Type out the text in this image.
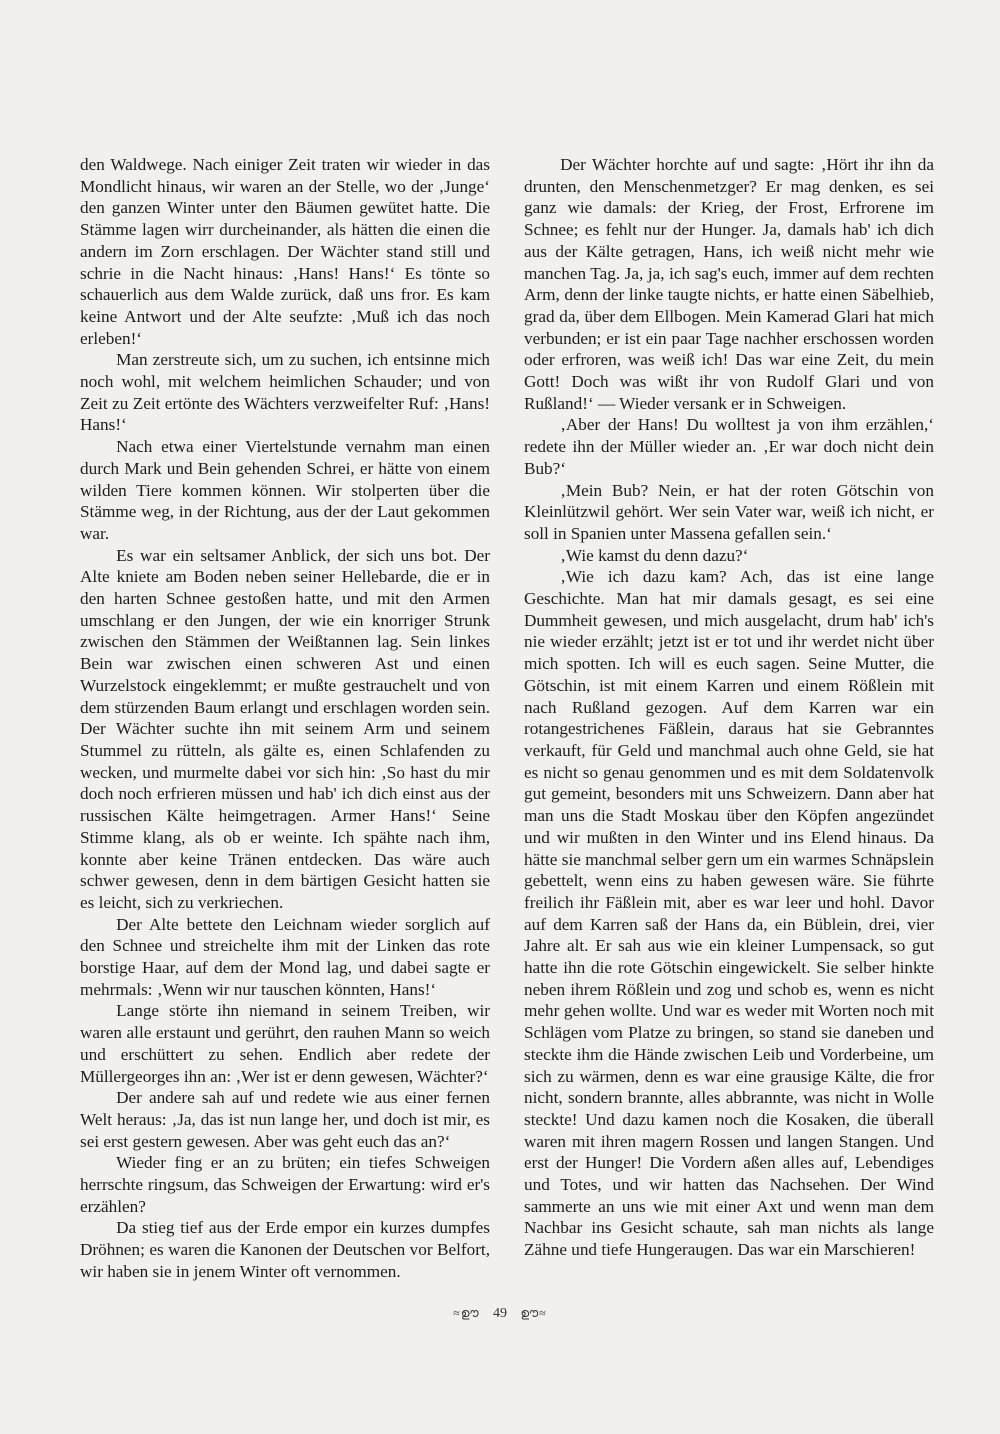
den Waldwege. Nach einiger Zeit traten wir wieder in das Mondlicht hinaus, wir waren an der Stelle, wo der ‚Junge‘ den ganzen Winter unter den Bäumen gewütet hatte. Die Stämme lagen wirr durcheinander, als hätten die einen die andern im Zorn erschlagen. Der Wächter stand still und schrie in die Nacht hinaus: ‚Hans! Hans!‘ Es tönte so schauerlich aus dem Walde zurück, daß uns fror. Es kam keine Antwort und der Alte seufzte: ‚Muß ich das noch erleben!‘

Man zerstreute sich, um zu suchen, ich entsinne mich noch wohl, mit welchem heimlichen Schauder; und von Zeit zu Zeit ertönte des Wächters verzweifelter Ruf: ‚Hans! Hans!‘

Nach etwa einer Viertelstunde vernahm man einen durch Mark und Bein gehenden Schrei, er hätte von einem wilden Tiere kommen können. Wir stolperten über die Stämme weg, in der Richtung, aus der der Laut gekommen war.

Es war ein seltsamer Anblick, der sich uns bot. Der Alte kniete am Boden neben seiner Hellebarde, die er in den harten Schnee gestoßen hatte, und mit den Armen umschlang er den Jungen, der wie ein knorriger Strunk zwischen den Stämmen der Weißtannen lag. Sein linkes Bein war zwischen einen schweren Ast und einen Wurzelstock eingeklemmt; er mußte gestrauchelt und von dem stürzenden Baum erlangt und erschlagen worden sein. Der Wächter suchte ihn mit seinem Arm und seinem Stummel zu rütteln, als gälte es, einen Schlafenden zu wecken, und murmelte dabei vor sich hin: ‚So hast du mir doch noch erfrieren müssen und hab' ich dich einst aus der russischen Kälte heimgetragen. Armer Hans!‘ Seine Stimme klang, als ob er weinte. Ich spähte nach ihm, konnte aber keine Tränen entdecken. Das wäre auch schwer gewesen, denn in dem bärtigen Gesicht hatten sie es leicht, sich zu verkriechen.

Der Alte bettete den Leichnam wieder sorglich auf den Schnee und streichelte ihm mit der Linken das rote borstige Haar, auf dem der Mond lag, und dabei sagte er mehrmals: ‚Wenn wir nur tauschen könnten, Hans!‘

Lange störte ihn niemand in seinem Treiben, wir waren alle erstaunt und gerührt, den rauhen Mann so weich und erschüttert zu sehen. Endlich aber redete der Müllergeorges ihn an: ‚Wer ist er denn gewesen, Wächter?‘

Der andere sah auf und redete wie aus einer fernen Welt heraus: ‚Ja, das ist nun lange her, und doch ist mir, es sei erst gestern gewesen. Aber was geht euch das an?‘

Wieder fing er an zu brüten; ein tiefes Schweigen herrschte ringsum, das Schweigen der Erwartung: wird er's erzählen?

Da stieg tief aus der Erde empor ein kurzes dumpfes Dröhnen; es waren die Kanonen der Deutschen vor Belfort, wir haben sie in jenem Winter oft vernommen.

Der Wächter horchte auf und sagte: ‚Hört ihr ihn da drunten, den Menschenmetzger? Er mag denken, es sei ganz wie damals: der Krieg, der Frost, Erfrorene im Schnee; es fehlt nur der Hunger. Ja, damals hab' ich dich aus der Kälte getragen, Hans, ich weiß nicht mehr wie manchen Tag. Ja, ja, ich sag's euch, immer auf dem rechten Arm, denn der linke taugte nichts, er hatte einen Säbelhieb, grad da, über dem Ellbogen. Mein Kamerad Glari hat mich verbunden; er ist ein paar Tage nachher erschossen worden oder erfroren, was weiß ich! Das war eine Zeit, du mein Gott! Doch was wißt ihr von Rudolf Glari und von Rußland!‘ — Wieder versank er in Schweigen.

‚Aber der Hans! Du wolltest ja von ihm erzählen,‘ redete ihn der Müller wieder an. ‚Er war doch nicht dein Bub?‘

‚Mein Bub? Nein, er hat der roten Götschin von Kleinlützwil gehört. Wer sein Vater war, weiß ich nicht, er soll in Spanien unter Massena gefallen sein.‘

‚Wie kamst du denn dazu?‘

‚Wie ich dazu kam? Ach, das ist eine lange Geschichte. Man hat mir damals gesagt, es sei eine Dummheit gewesen, und mich ausgelacht, drum hab' ich's nie wieder erzählt; jetzt ist er tot und ihr werdet nicht über mich spotten. Ich will es euch sagen. Seine Mutter, die Götschin, ist mit einem Karren und einem Rößlein mit nach Rußland gezogen. Auf dem Karren war ein rotangestrichenes Fäßlein, daraus hat sie Gebranntes verkauft, für Geld und manchmal auch ohne Geld, sie hat es nicht so genau genommen und es mit dem Soldatenvolk gut gemeint, besonders mit uns Schweizern. Dann aber hat man uns die Stadt Moskau über den Köpfen angezündet und wir mußten in den Winter und ins Elend hinaus. Da hätte sie manchmal selber gern um ein warmes Schnäpslein gebettelt, wenn eins zu haben gewesen wäre. Sie führte freilich ihr Fäßlein mit, aber es war leer und hohl. Davor auf dem Karren saß der Hans da, ein Büblein, drei, vier Jahre alt. Er sah aus wie ein kleiner Lumpensack, so gut hatte ihn die rote Götschin eingewickelt. Sie selber hinkte neben ihrem Rößlein und zog und schob es, wenn es nicht mehr gehen wollte. Und war es weder mit Worten noch mit Schlägen vom Platze zu bringen, so stand sie daneben und steckte ihm die Hände zwischen Leib und Vorderbeine, um sich zu wärmen, denn es war eine grausige Kälte, die fror nicht, sondern brannte, alles abbrannte, was nicht in Wolle steckte! Und dazu kamen noch die Kosaken, die überall waren mit ihren magern Rossen und langen Stangen. Und erst der Hunger! Die Vordern aßen alles auf, Lebendiges und Totes, und wir hatten das Nachsehen. Der Wind sammerte an uns wie mit einer Axt und wenn man dem Nachbar ins Gesicht schaute, sah man nichts als lange Zähne und tiefe Hungeraugen. Das war ein Marschieren!

≈ഊ 49 ഊ≈
